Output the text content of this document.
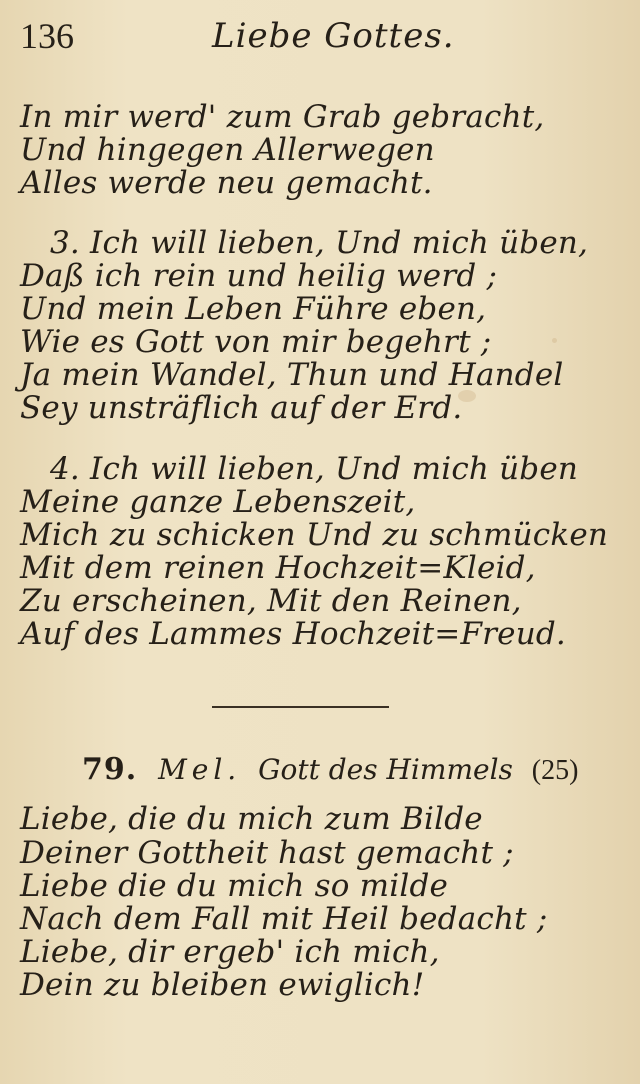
136	Liebe Gottes.
In mir werd' zum Grab gebracht,
Und hingegen Allerwegen
Alles werde neu gemacht.
3. Ich will lieben, Und mich üben,
Daß ich rein und heilig werd ;
Und mein Leben Führe eben,
Wie es Gott von mir begehrt ;
Ja mein Wandel, Thun und Handel
Sey unsträflich auf der Erd.
4. Ich will lieben, Und mich üben
Meine ganze Lebenszeit,
Mich zu schicken Und zu schmücken
Mit dem reinen Hochzeit=Kleid,
Zu erscheinen, Mit den Reinen,
Auf des Lammes Hochzeit=Freud.
79. Mel. Gott des Himmels (25)
Liebe, die du mich zum Bilde
Deiner Gottheit hast gemacht ;
Liebe die du mich so milde
Nach dem Fall mit Heil bedacht ;
Liebe, dir ergeb' ich mich,
Dein zu bleiben ewiglich!
